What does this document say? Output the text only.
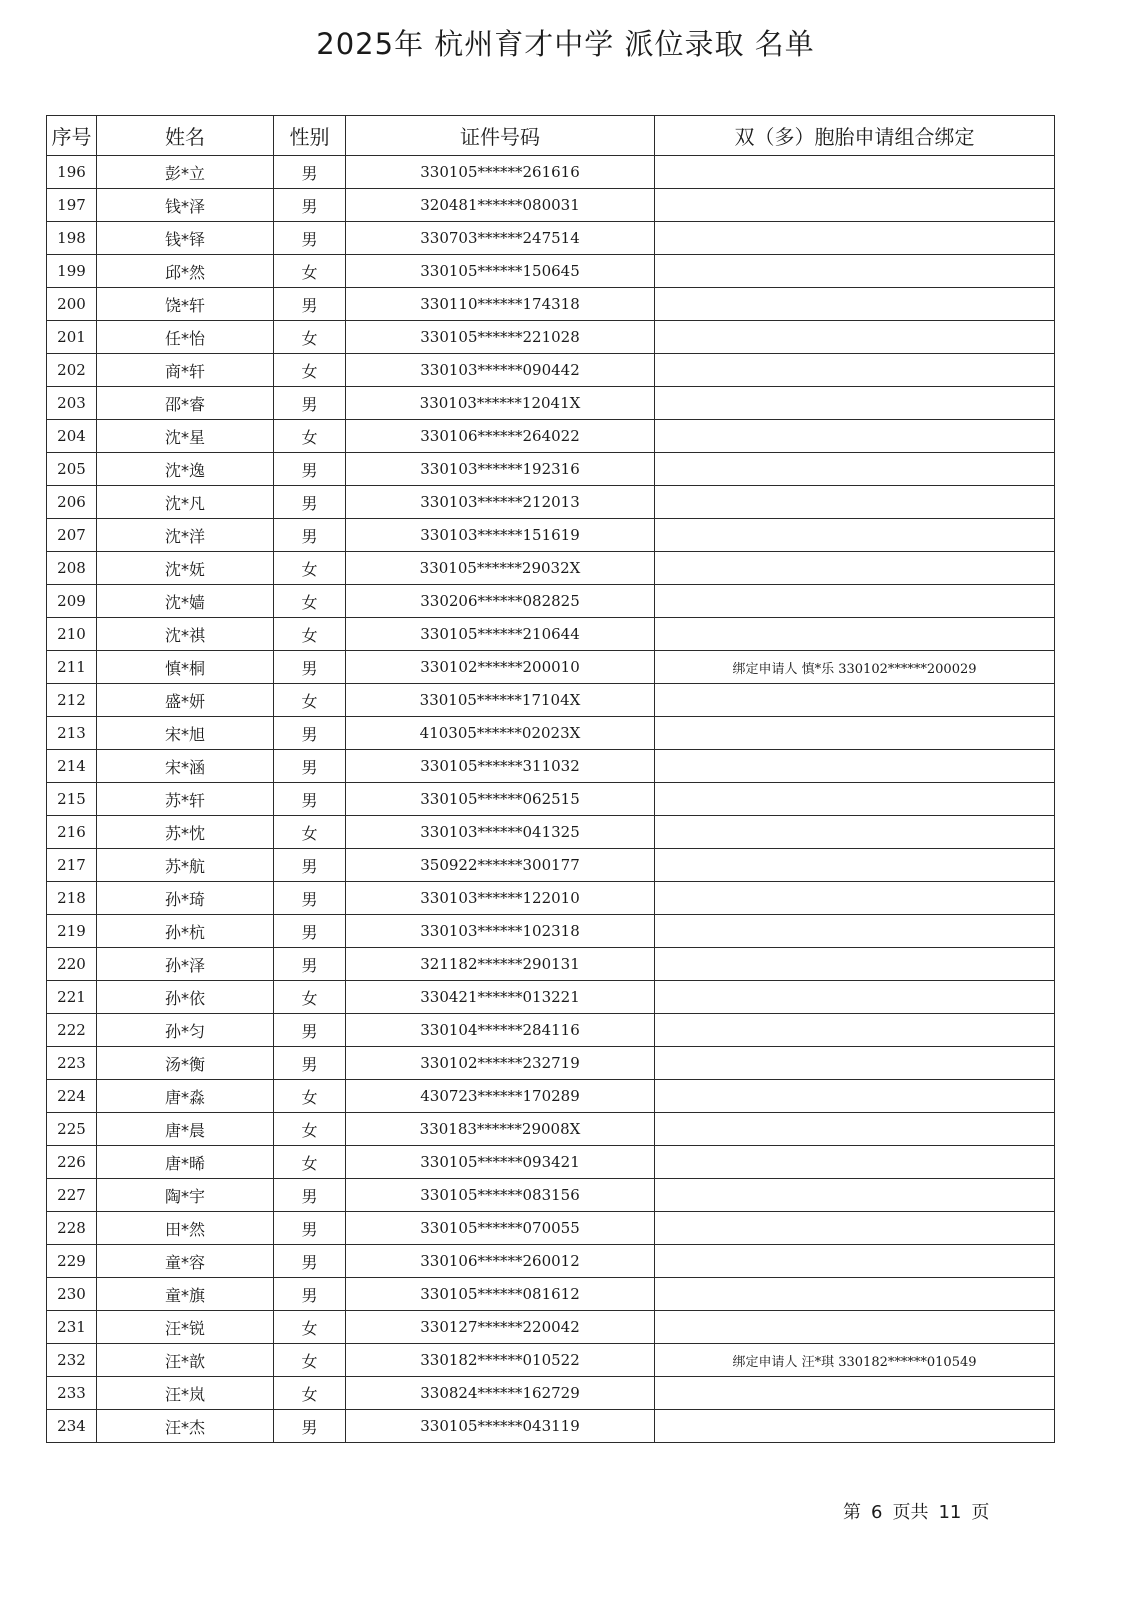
2025年 杭州育才中学 派位录取 名单
序号	姓名	性别	证件号码	双（多）胞胎申请组合绑定
196	彭*立	男	330105******261616	
197	钱*泽	男	320481******080031	
198	钱*铎	男	330703******247514	
199	邱*然	女	330105******150645	
200	饶*轩	男	330110******174318	
201	任*怡	女	330105******221028	
202	商*轩	女	330103******090442	
203	邵*睿	男	330103******12041X	
204	沈*星	女	330106******264022	
205	沈*逸	男	330103******192316	
206	沈*凡	男	330103******212013	
207	沈*洋	男	330103******151619	
208	沈*妩	女	330105******29032X	
209	沈*嫱	女	330206******082825	
210	沈*祺	女	330105******210644	
211	慎*桐	男	330102******200010	绑定申请人 慎*乐 330102******200029
212	盛*妍	女	330105******17104X	
213	宋*旭	男	410305******02023X	
214	宋*涵	男	330105******311032	
215	苏*轩	男	330105******062515	
216	苏*忱	女	330103******041325	
217	苏*航	男	350922******300177	
218	孙*琦	男	330103******122010	
219	孙*杭	男	330103******102318	
220	孙*泽	男	321182******290131	
221	孙*依	女	330421******013221	
222	孙*匀	男	330104******284116	
223	汤*衡	男	330102******232719	
224	唐*淼	女	430723******170289	
225	唐*晨	女	330183******29008X	
226	唐*晞	女	330105******093421	
227	陶*宇	男	330105******083156	
228	田*然	男	330105******070055	
229	童*容	男	330106******260012	
230	童*旗	男	330105******081612	
231	汪*锐	女	330127******220042	
232	汪*歆	女	330182******010522	绑定申请人 汪*琪 330182******010549
233	汪*岚	女	330824******162729	
234	汪*杰	男	330105******043119	
第 6 页共 11 页
